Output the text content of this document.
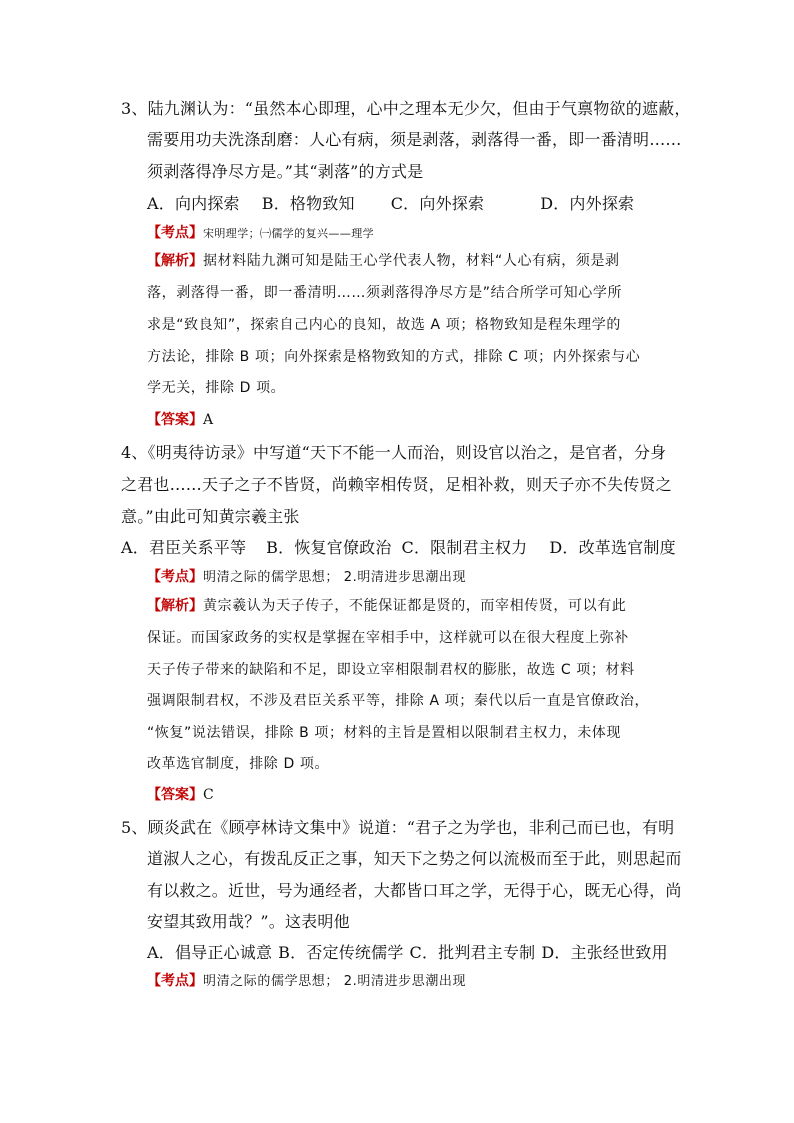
3、陆九渊认为：“虽然本心即理，心中之理本无少欠，但由于气禀物欲的遮蔽，
需要用功夫洗涤刮磨：人心有病，须是剥落，剥落得一番，即一番清明……
须剥落得净尽方是。”其“剥落”的方式是
A．向内探索 B．格物致知 C．向外探索	D．内外探索
【考点】宋明理学；㈠儒学的复兴——理学
【解析】据材料陆九渊可知是陆王心学代表人物，材料“人心有病，须是剥
落，剥落得一番，即一番清明……须剥落得净尽方是”结合所学可知心学所
求是“致良知”，探索自己内心的良知，故选 A 项；格物致知是程朱理学的
方法论，排除 B 项；向外探索是格物致知的方式，排除 C 项；内外探索与心
学无关，排除 D 项。
【答案】A
4、《明夷待访录》中写道“天下不能一人而治，则设官以治之，是官者，分身
之君也……天子之子不皆贤，尚赖宰相传贤，足相补救，则天子亦不失传贤之
意。”由此可知黄宗羲主张
A．君臣关系平等 B．恢复官僚政治 C．限制君主权力 D．改革选官制度
【考点】明清之际的儒学思想； 2.明清进步思潮出现
【解析】黄宗羲认为天子传子，不能保证都是贤的，而宰相传贤，可以有此
保证。而国家政务的实权是掌握在宰相手中，这样就可以在很大程度上弥补
天子传子带来的缺陷和不足，即设立宰相限制君权的膨胀，故选 C 项；材料
强调限制君权，不涉及君臣关系平等，排除 A 项；秦代以后一直是官僚政治，
“恢复”说法错误，排除 B 项；材料的主旨是置相以限制君主权力，未体现
改革选官制度，排除 D 项。
【答案】C
5、顾炎武在《顾亭林诗文集中》说道：“君子之为学也，非利己而已也，有明
道淑人之心，有拨乱反正之事，知天下之势之何以流极而至于此，则思起而
有以救之。近世，号为通经者，大都皆口耳之学，无得于心，既无心得，尚
安望其致用哉？”。这表明他
A．倡导正心诚意 B．否定传统儒学 C．批判君主专制 D．主张经世致用
【考点】明清之际的儒学思想； 2.明清进步思潮出现
